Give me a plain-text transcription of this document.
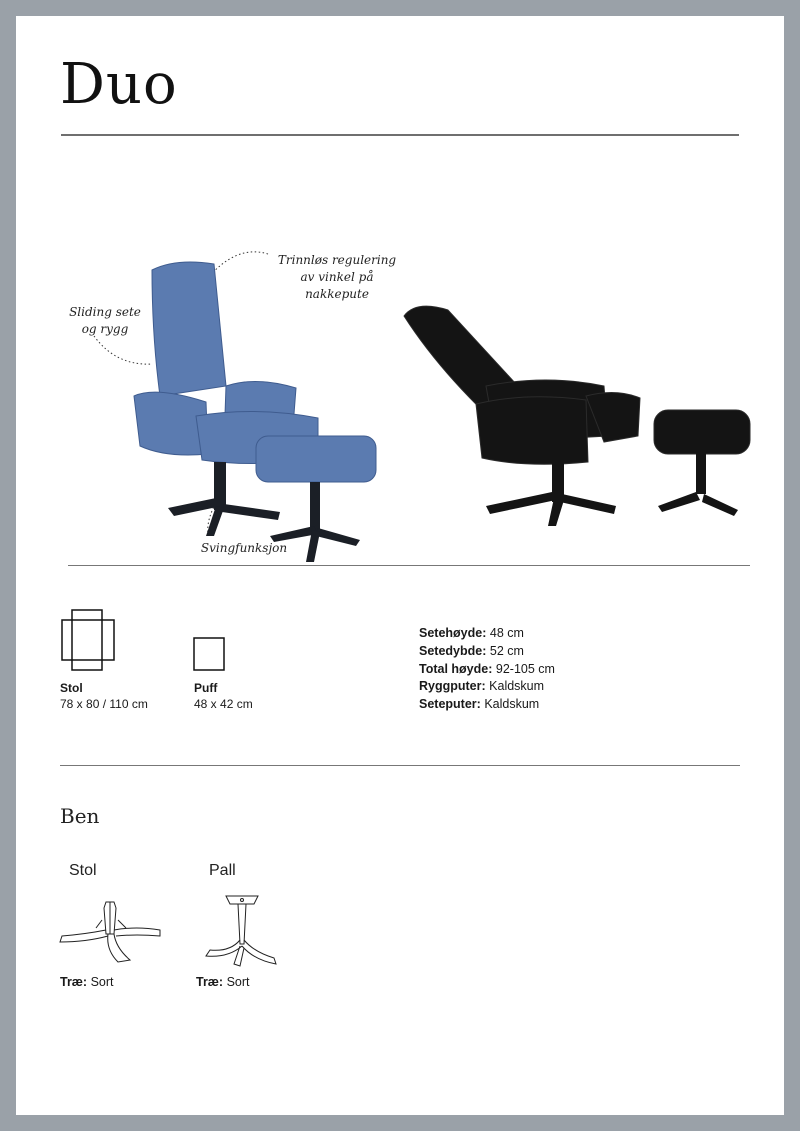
Duo
Sliding sete
og rygg
Trinnløs regulering
av vinkel på
nakkepute
Svingfunksjon
Stol
78 x 80 / 110 cm
Puff
48 x 42 cm
Setehøyde: 48 cm
Setedybde: 52 cm
Total høyde: 92-105 cm
Ryggputer: Kaldskum
Seteputer: Kaldskum
Ben
Stol	Pall
Træ: Sort	Træ: Sort
